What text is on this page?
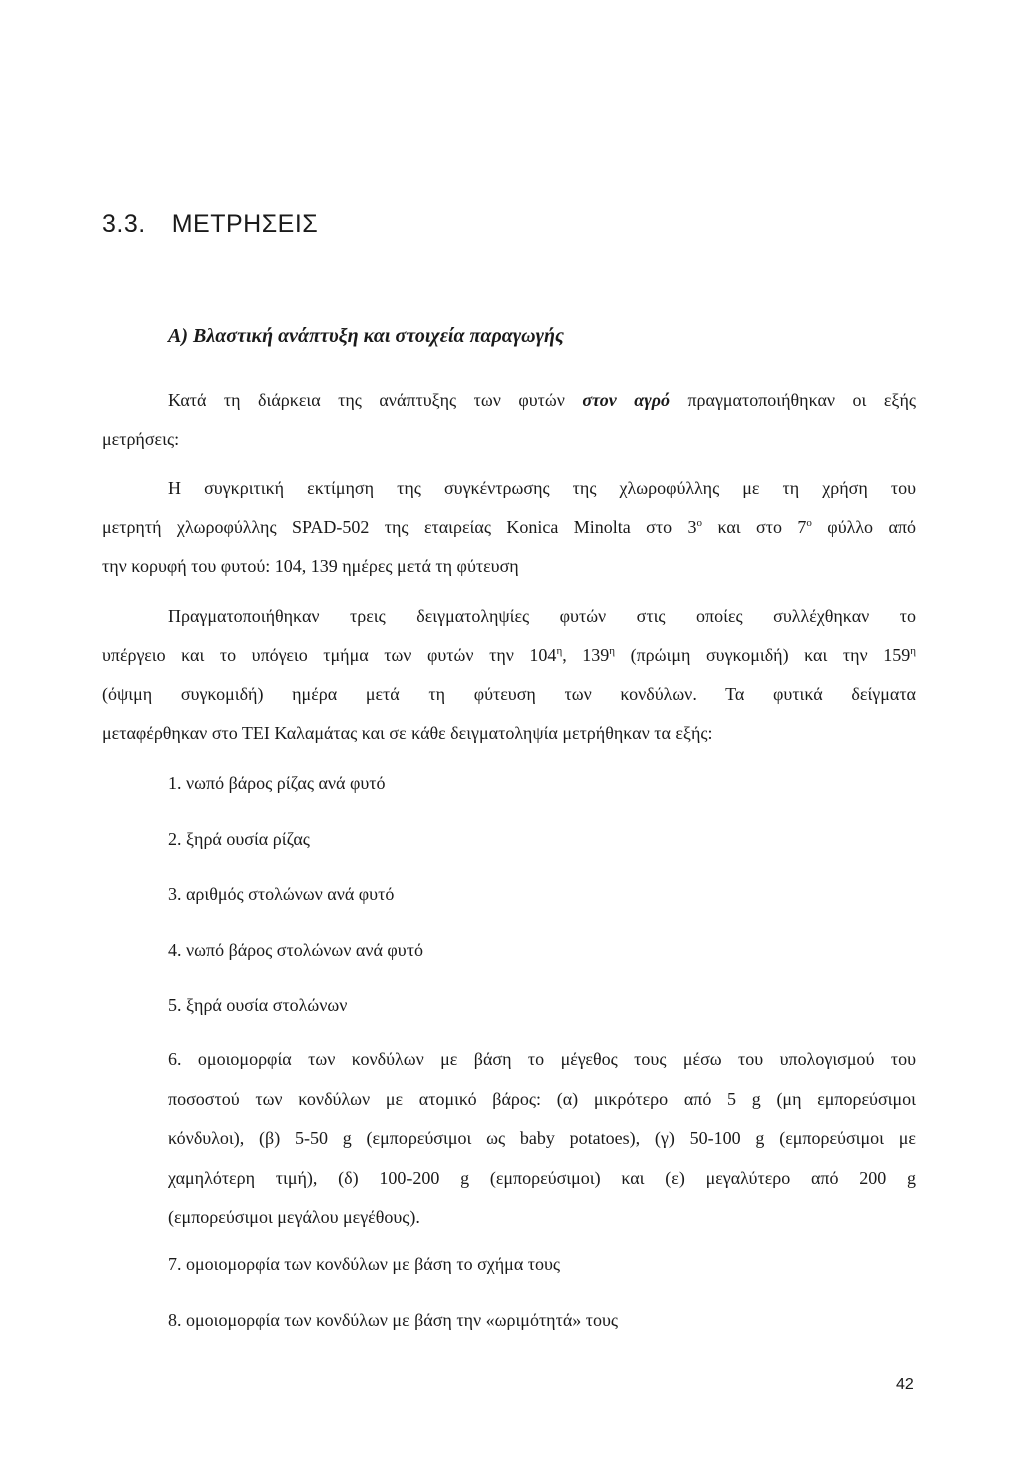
3.3. ΜΕΤΡΗΣΕΙΣ
Α) Βλαστική ανάπτυξη και στοιχεία παραγωγής

Κατά τη διάρκεια της ανάπτυξης των φυτών στον αγρό πραγματοποιήθηκαν οι εξής
μετρήσεις:

Η συγκριτική εκτίμηση της συγκέντρωσης της χλωροφύλλης με τη χρήση του
μετρητή χλωροφύλλης SPAD-502 της εταιρείας Konica Minolta στο $3^o$ και στο $7^o$ φύλλο από
την κορυφή του φυτού: 104, 139 ημέρες μετά τη φύτευση

Πραγματοποιήθηκαν τρεις δειγματοληψίες φυτών στις οποίες συλλέχθηκαν το
υπέργειο και το υπόγειο τμήμα των φυτών την $104^\eta$, $139^\eta$ (πρώιμη συγκομιδή) και την $159^\eta$
(όψιμη συγκομιδή) ημέρα μετά τη φύτευση των κονδύλων. Τα φυτικά δείγματα
μεταφέρθηκαν στο ΤΕΙ Καλαμάτας και σε κάθε δειγματοληψία μετρήθηκαν τα εξής:

1. νωπό βάρος ρίζας ανά φυτό

2. ξηρά ουσία ρίζας

3. αριθμός στολώνων ανά φυτό

4. νωπό βάρος στολώνων ανά φυτό

5. ξηρά ουσία στολώνων

6. ομοιομορφία των κονδύλων με βάση το μέγεθος τους μέσω του υπολογισμού του
ποσοστού των κονδύλων με ατομικό βάρος: (α) μικρότερο από 5 g (μη εμπορεύσιμοι
κόνδυλοι), (β) 5-50 g (εμπορεύσιμοι ως baby potatoes), (γ) 50-100 g (εμπορεύσιμοι με
χαμηλότερη τιμή), (δ) 100-200 g (εμπορεύσιμοι) και (ε) μεγαλύτερο από 200 g
(εμπορεύσιμοι μεγάλου μεγέθους).

7. ομοιομορφία των κονδύλων με βάση το σχήμα τους

8. ομοιομορφία των κονδύλων με βάση την «ωριμότητά» τους

42
